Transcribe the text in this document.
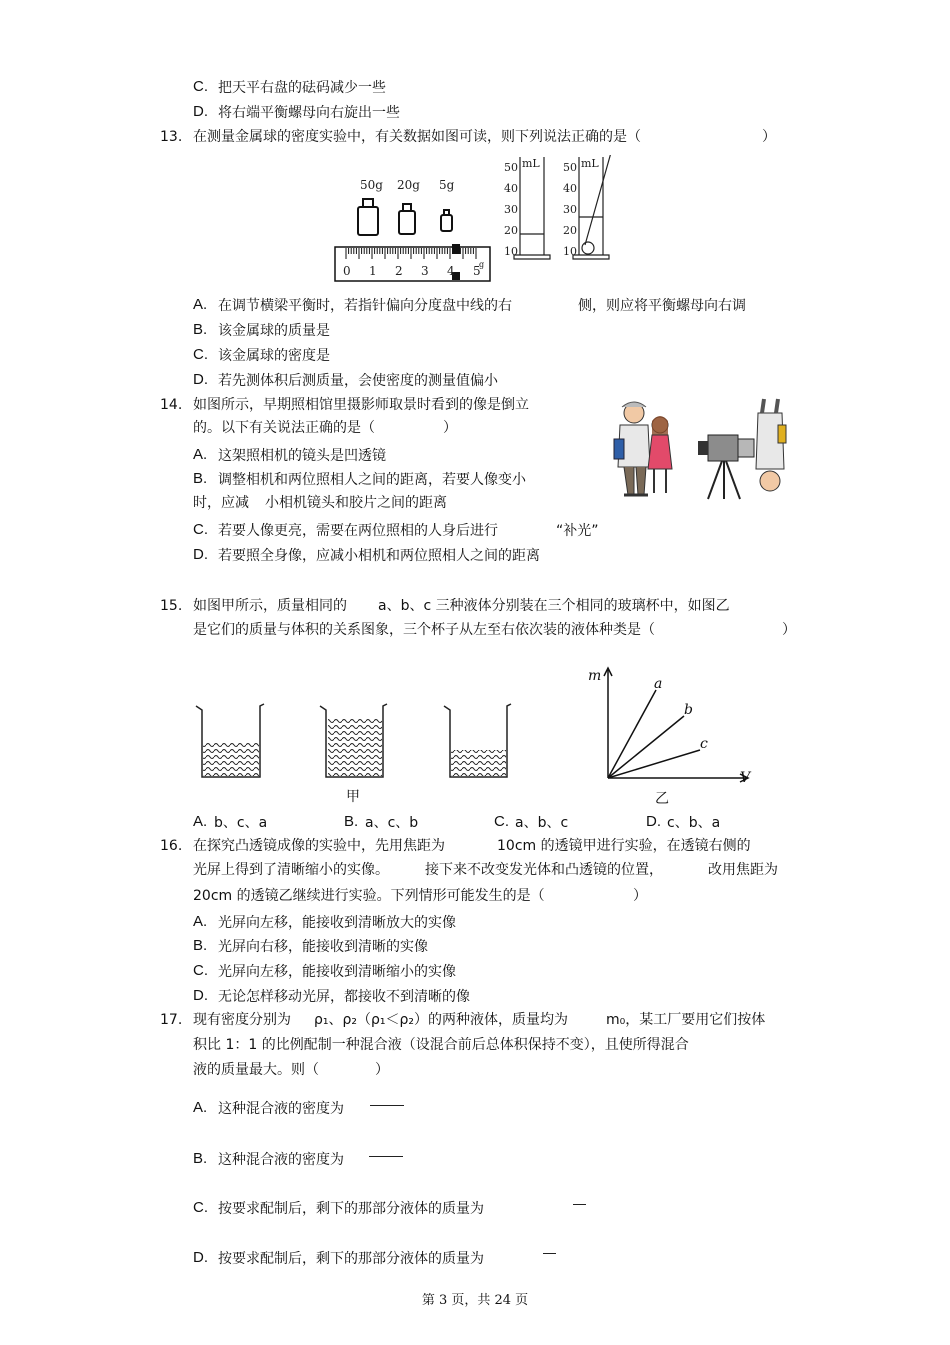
C. 把天平右盘的砝码减少一些
D. 将右端平衡螺母向右旋出一些
13. 在测量金属球的密度实验中，有关数据如图可读，则下列说法正确的是（	）
50g 20g 5g
0 1 2 3 4 5
g
mL
50
40
30
20
10
mL
50
40
30
20
10
A. 在调节横梁平衡时，若指针偏向分度盘中线的右	侧，则应将平衡螺母向右调
B. 该金属球的质量是
C. 该金属球的密度是
D. 若先测体积后测质量，会使密度的测量值偏小
14. 如图所示，早期照相馆里摄影师取景时看到的像是倒立
的。以下有关说法正确的是（	）
A. 这架照相机的镜头是凹透镜
B. 调整相机和两位照相人之间的距离，若要人像变小
时，应减 小相机镜头和胶片之间的距离
C. 若要人像更亮，需要在两位照相的人身后进行	“补光”
D. 若要照全身像，应减小相机和两位照相人之间的距离
15. 如图甲所示，质量相同的 a、b、c 三种液体分别装在三个相同的玻璃杯中，如图乙
是它们的质量与体积的关系图象，三个杯子从左至右依次装的液体种类是（	）
甲
m
V
a
b
c
乙
A. b、c、a	B. a、c、b	C. a、b、c	D. c、b、a
16. 在探究凸透镜成像的实验中，先用焦距为	10cm 的透镜甲进行实验，在透镜右侧的
光屏上得到了清晰缩小的实像。	接下来不改变发光体和凸透镜的位置，	改用焦距为
20cm 的透镜乙继续进行实验。下列情形可能发生的是（	）
A. 光屏向左移，能接收到清晰放大的实像
B. 光屏向右移，能接收到清晰的实像
C. 光屏向左移，能接收到清晰缩小的实像
D. 无论怎样移动光屏，都接收不到清晰的像
17. 现有密度分别为 ρ₁、ρ₂（ρ₁＜ρ₂）的两种液体，质量均为	m₀，某工厂要用它们按体
积比 1：1 的比例配制一种混合液（设混合前后总体积保持不变），且使所得混合
液的质量最大。则（	）
A. 这种混合液的密度为
B. 这种混合液的密度为
C. 按要求配制后，剩下的那部分液体的质量为
D. 按要求配制后，剩下的那部分液体的质量为
第 3 页，共 24 页
